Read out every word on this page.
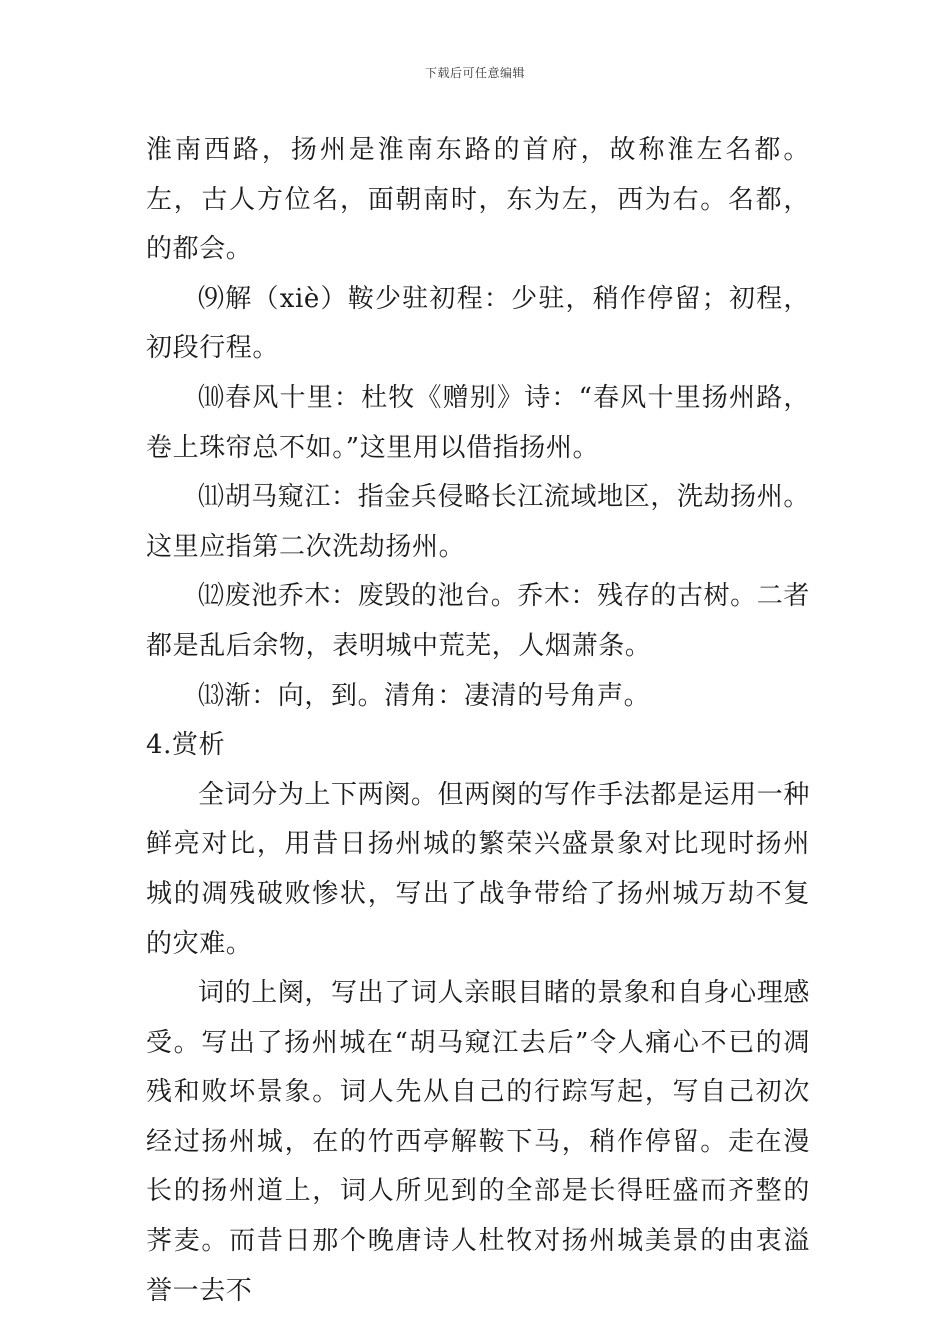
下载后可任意编辑

淮南西路，扬州是淮南东路的首府，故称淮左名都。左，古人方位名，面朝南时，东为左，西为右。名都，的都会。

⑼解（xiè）鞍少驻初程：少驻，稍作停留；初程，初段行程。

⑽春风十里：杜牧《赠别》诗：“春风十里扬州路，卷上珠帘总不如。”这里用以借指扬州。

⑾胡马窥江：指金兵侵略长江流域地区，洗劫扬州。这里应指第二次洗劫扬州。

⑿废池乔木：废毁的池台。乔木：残存的古树。二者都是乱后余物，表明城中荒芜，人烟萧条。

⒀渐：向，到。清角：凄清的号角声。

4.赏析

全词分为上下两阕。但两阕的写作手法都是运用一种鲜亮对比，用昔日扬州城的繁荣兴盛景象对比现时扬州城的凋残破败惨状，写出了战争带给了扬州城万劫不复的灾难。

词的上阕，写出了词人亲眼目睹的景象和自身心理感受。写出了扬州城在“胡马窥江去后”令人痛心不已的凋残和败坏景象。词人先从自己的行踪写起，写自己初次经过扬州城，在的竹西亭解鞍下马，稍作停留。走在漫长的扬州道上，词人所见到的全部是长得旺盛而齐整的荠麦。而昔日那个晚唐诗人杜牧对扬州城美景的由衷溢誉一去不
